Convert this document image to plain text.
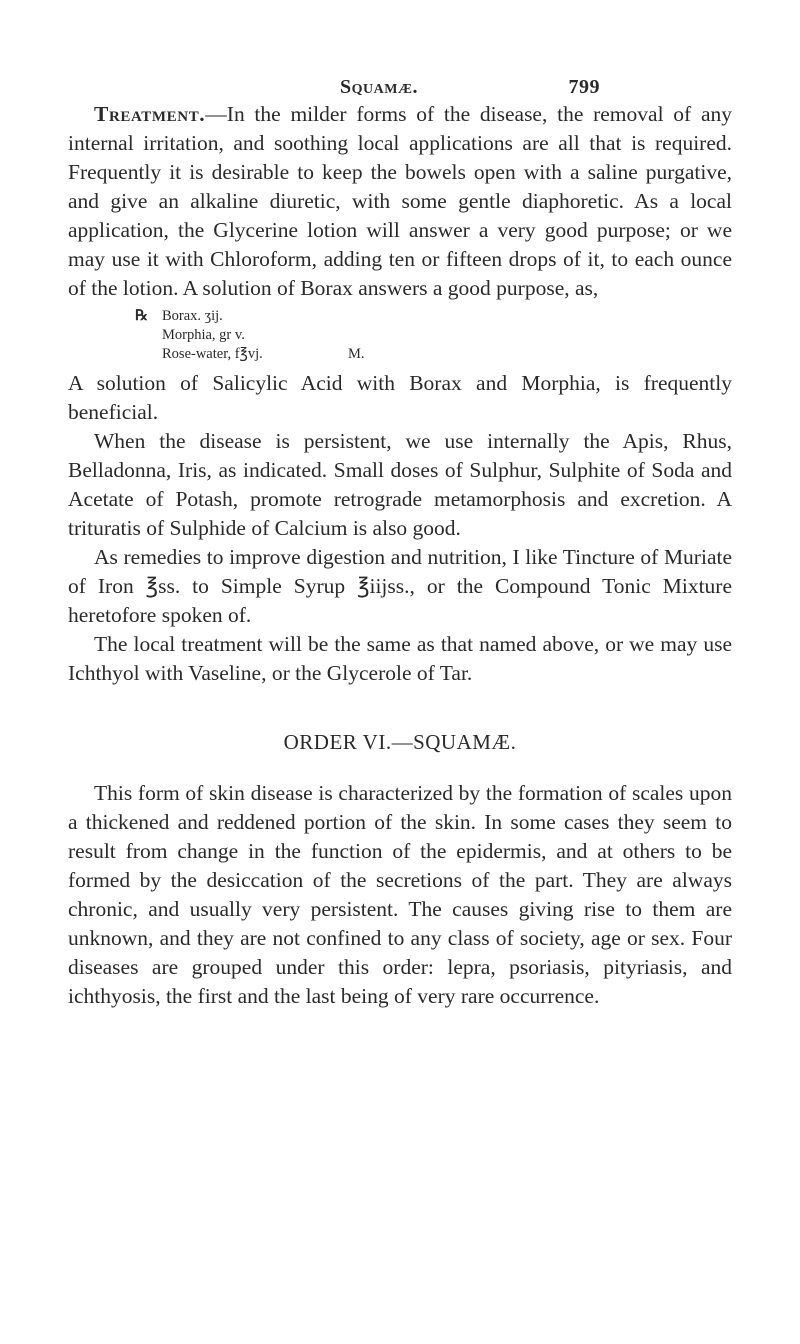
Squamæ.	799

Treatment.—In the milder forms of the disease, the removal of any internal irritation, and soothing local applications are all that is required. Frequently it is desirable to keep the bowels open with a saline purgative, and give an alkaline diuretic, with some gentle diaphoretic. As a local application, the Glycerine lotion will answer a very good purpose; or we may use it with Chloroform, adding ten or fifteen drops of it, to each ounce of the lotion. A solution of Borax answers a good purpose, as,

℞ Borax. ʒij.
Morphia, gr v.
Rose-water, f℥vj.	M.

A solution of Salicylic Acid with Borax and Morphia, is frequently beneficial.

When the disease is persistent, we use internally the Apis, Rhus, Belladonna, Iris, as indicated. Small doses of Sulphur, Sulphite of Soda and Acetate of Potash, promote retrograde metamorphosis and excretion. A trituratis of Sulphide of Calcium is also good.

As remedies to improve digestion and nutrition, I like Tincture of Muriate of Iron ℥ss. to Simple Syrup ℥iijss., or the Compound Tonic Mixture heretofore spoken of.

The local treatment will be the same as that named above, or we may use Ichthyol with Vaseline, or the Glycerole of Tar.

ORDER VI.—SQUAMÆ.

This form of skin disease is characterized by the formation of scales upon a thickened and reddened portion of the skin. In some cases they seem to result from change in the function of the epidermis, and at others to be formed by the desiccation of the secretions of the part. They are always chronic, and usually very persistent. The causes giving rise to them are unknown, and they are not confined to any class of society, age or sex. Four diseases are grouped under this order: lepra, psoriasis, pityriasis, and ichthyosis, the first and the last being of very rare occurrence.
